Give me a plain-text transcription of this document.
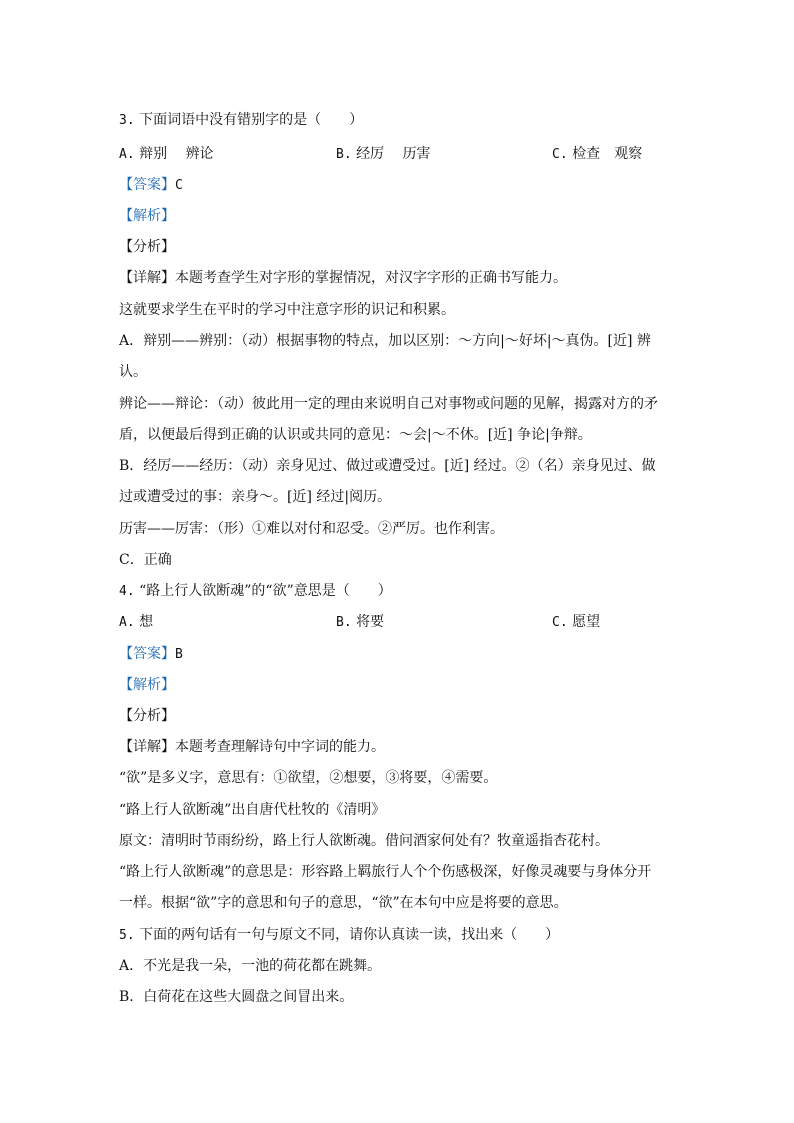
3. 下面词语中没有错别字的是（　　）
A. 辩别　 辨论	B. 经厉　 历害	C. 检查　观察
【答案】C
【解析】
【分析】
【详解】本题考查学生对字形的掌握情况，对汉字字形的正确书写能力。
这就要求学生在平时的学习中注意字形的识记和积累。
A．辩别——辨别：（动）根据事物的特点，加以区别：～方向|～好坏|～真伪。[近] 辨
认。
辨论——辩论：（动）彼此用一定的理由来说明自己对事物或问题的见解，揭露对方的矛
盾，以便最后得到正确的认识或共同的意见：～会|～不休。[近] 争论|争辩。
B．经厉——经历：（动）亲身见过、做过或遭受过。[近] 经过。②（名）亲身见过、做
过或遭受过的事：亲身～。[近] 经过|阅历。
历害——厉害：（形）①难以对付和忍受。②严厉。也作利害。
C．正确
4. “路上行人欲断魂”的“欲”意思是（　　）
A. 想	B. 将要	C. 愿望
【答案】B
【解析】
【分析】
【详解】本题考查理解诗句中字词的能力。
“欲”是多义字，意思有：①欲望，②想要，③将要，④需要。
“路上行人欲断魂”出自唐代杜牧的《清明》
原文：清明时节雨纷纷，路上行人欲断魂。借问酒家何处有？牧童遥指杏花村。
“路上行人欲断魂”的意思是：形容路上羁旅行人个个伤感极深，好像灵魂要与身体分开
一样。根据“欲”字的意思和句子的意思，“欲”在本句中应是将要的意思。
5. 下面的两句话有一句与原文不同，请你认真读一读，找出来（　　）
A．不光是我一朵，一池的荷花都在跳舞。
B．白荷花在这些大圆盘之间冒出来。
